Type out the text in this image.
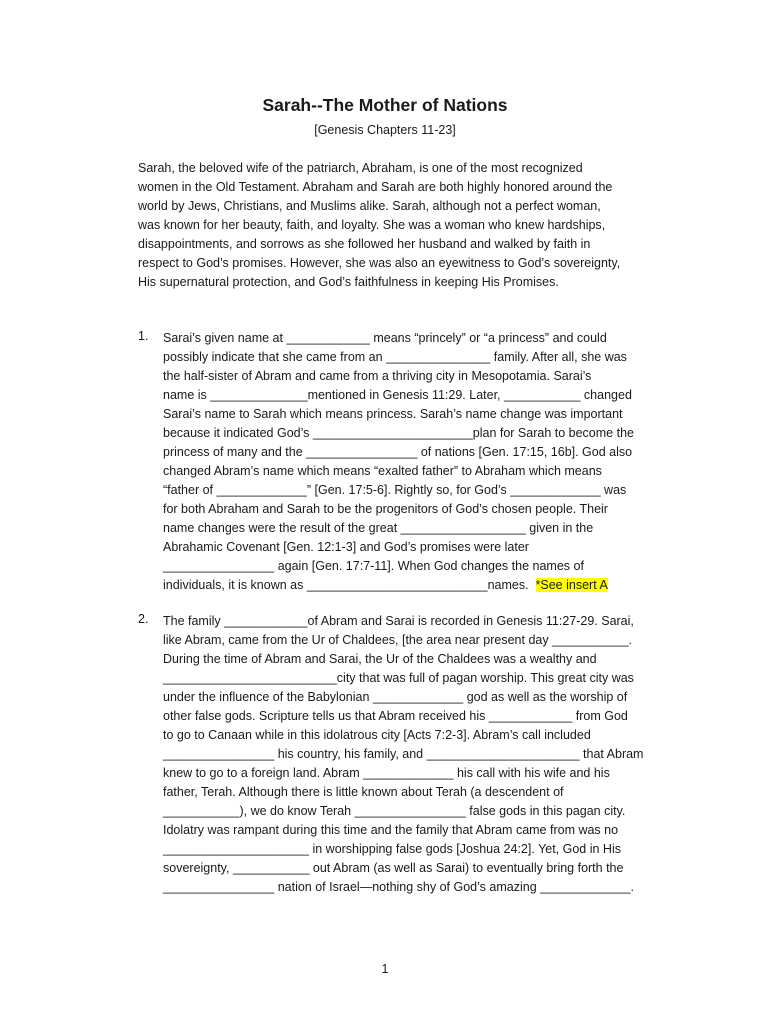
Sarah--The Mother of Nations
[Genesis Chapters 11-23]
Sarah, the beloved wife of the patriarch, Abraham, is one of the most recognized
women in the Old Testament. Abraham and Sarah are both highly honored around the
world by Jews, Christians, and Muslims alike. Sarah, although not a perfect woman,
was known for her beauty, faith, and loyalty. She was a woman who knew hardships,
disappointments, and sorrows as she followed her husband and walked by faith in
respect to God’s promises. However, she was also an eyewitness to God’s sovereignty,
His supernatural protection, and God’s faithfulness in keeping His Promises.
1. Sarai’s given name at ____________ means “princely” or “a princess” and could
possibly indicate that she came from an _______________ family. After all, she was
the half-sister of Abram and came from a thriving city in Mesopotamia. Sarai’s
name is ______________mentioned in Genesis 11:29. Later, ___________ changed
Sarai’s name to Sarah which means princess. Sarah’s name change was important
because it indicated God’s _______________________plan for Sarah to become the
princess of many and the ________________ of nations [Gen. 17:15, 16b]. God also
changed Abram’s name which means “exalted father” to Abraham which means
“father of _____________” [Gen. 17:5-6]. Rightly so, for God’s _____________ was
for both Abraham and Sarah to be the progenitors of God’s chosen people. Their
name changes were the result of the great __________________ given in the
Abrahamic Covenant [Gen. 12:1-3] and God’s promises were later
________________ again [Gen. 17:7-11]. When God changes the names of
individuals, it is known as __________________________names. *See insert A
2. The family ____________of Abram and Sarai is recorded in Genesis 11:27-29. Sarai,
like Abram, came from the Ur of Chaldees, [the area near present day ___________.
During the time of Abram and Sarai, the Ur of the Chaldees was a wealthy and
_________________________city that was full of pagan worship. This great city was
under the influence of the Babylonian _____________ god as well as the worship of
other false gods. Scripture tells us that Abram received his ____________ from God
to go to Canaan while in this idolatrous city [Acts 7:2-3]. Abram’s call included
________________ his country, his family, and ______________________ that Abram
knew to go to a foreign land. Abram _____________ his call with his wife and his
father, Terah. Although there is little known about Terah (a descendent of
___________), we do know Terah ________________ false gods in this pagan city.
Idolatry was rampant during this time and the family that Abram came from was no
_____________________ in worshipping false gods [Joshua 24:2]. Yet, God in His
sovereignty, ___________ out Abram (as well as Sarai) to eventually bring forth the
________________ nation of Israel—nothing shy of God’s amazing _____________.
1
